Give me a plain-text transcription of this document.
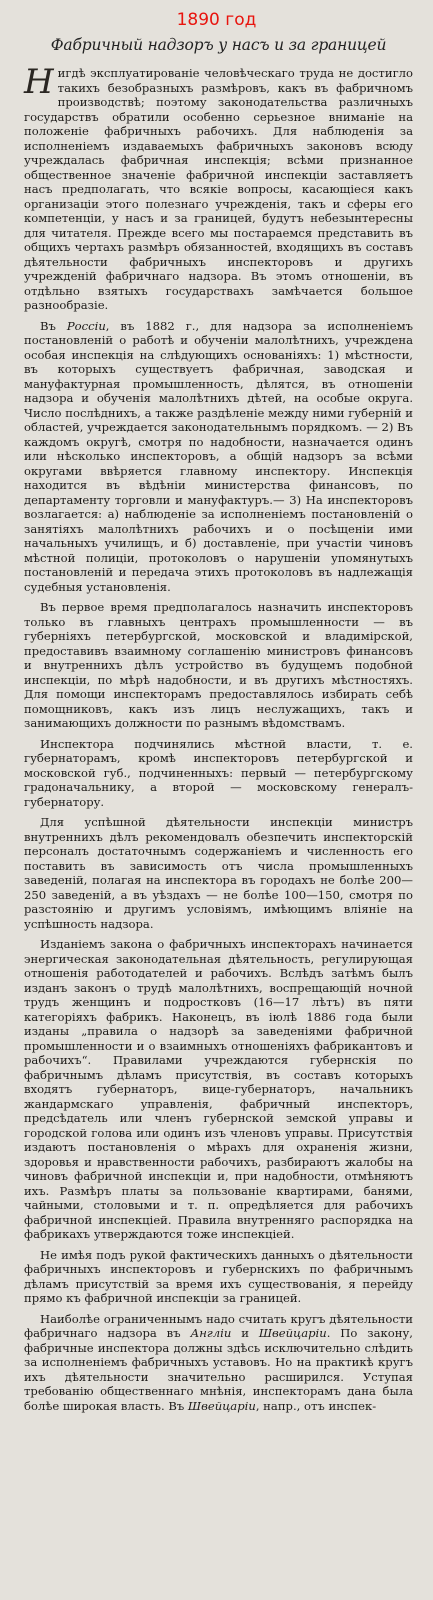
1890 год
Фабричный надзоръ у насъ и за границей

Нигдѣ эксплуатированіе человѣческаго труда не достигло такихъ безобразныхъ размѣровъ, какъ въ фабричномъ производствѣ; поэтому законодательства различныхъ государствъ обратили особенно серьезное вниманіе на положеніе фабричныхъ рабочихъ. Для наблюденія за исполненіемъ издаваемыхъ фабричныхъ законовъ всюду учреждалась фабричная инспекція; всѣми признанное общественное значеніе фабричной инспекціи заставляетъ насъ предполагать, что всякіе вопросы, касающіеся какъ организаціи этого полезнаго учрежденія, такъ и сферы его компетенціи, у насъ и за границей, будутъ небезынтересны для читателя. Прежде всего мы постараемся представить въ общихъ чертахъ размѣръ обязанностей, входящихъ въ составъ дѣятельности фабричныхъ инспекторовъ и другихъ учрежденій фабричнаго надзора. Въ этомъ отношеніи, въ отдѣльно взятыхъ государствахъ замѣчается большое разнообразіе.

Въ Россіи, въ 1882 г., для надзора за исполненіемъ постановленій о работѣ и обученіи малолѣтнихъ, учреждена особая инспекція на слѣдующихъ основаніяхъ: 1) мѣстности, въ которыхъ существуетъ фабричная, заводская и мануфактурная промышленность, дѣлятся, въ отношеніи надзора и обученія малолѣтнихъ дѣтей, на особые округа. Число послѣднихъ, а также раздѣленіе между ними губерній и областей, учреждается законодательнымъ порядкомъ. — 2) Въ каждомъ округѣ, смотря по надобности, назначается одинъ или нѣсколько инспекторовъ, а общій надзоръ за всѣми округами ввѣряется главному инспектору. Инспекція находится въ вѣдѣніи министерства финансовъ, по департаменту торговли и мануфактуръ.— 3) На инспекторовъ возлагается: а) наблюденіе за исполненіемъ постановленій о занятіяхъ малолѣтнихъ рабочихъ и о посѣщеніи ими начальныхъ училищъ, и б) доставленіе, при участіи чиновъ мѣстной полиціи, протоколовъ о нарушеніи упомянутыхъ постановленій и передача этихъ протоколовъ въ надлежащія судебныя установленія.

Въ первое время предполагалось назначить инспекторовъ только въ главныхъ центрахъ промышленности — въ губерніяхъ петербургской, московской и владимірской, предоставивъ взаимному соглашенію министровъ финансовъ и внутреннихъ дѣлъ устройство въ будущемъ подобной инспекціи, по мѣрѣ надобности, и въ другихъ мѣстностяхъ. Для помощи инспекторамъ предоставлялось избирать себѣ помощниковъ, какъ изъ лицъ неслужащихъ, такъ и занимающихъ должности по разнымъ вѣдомствамъ.

Инспектора подчинялись мѣстной власти, т. е. губернаторамъ, кромѣ инспекторовъ петербургской и московской губ., подчиненныхъ: первый — петербургскому градоначальнику, а второй — московскому генералъ-губернатору.

Для успѣшной дѣятельности инспекціи министръ внутреннихъ дѣлъ рекомендовалъ обезпечить инспекторскій персоналъ достаточнымъ содержаніемъ и численность его поставить въ зависимость отъ числа промышленныхъ заведеній, полагая на инспектора въ городахъ не болѣе 200—250 заведеній, а въ уѣздахъ — не болѣе 100—150, смотря по разстоянію и другимъ условіямъ, имѣющимъ вліяніе на успѣшность надзора.

Изданіемъ закона о фабричныхъ инспекторахъ начинается энергическая законодательная дѣятельность, регулирующая отношенія работодателей и рабочихъ. Вслѣдъ затѣмъ былъ изданъ законъ о трудѣ малолѣтнихъ, воспрещающій ночной трудъ женщинъ и подростковъ (16—17 лѣтъ) въ пяти категоріяхъ фабрикъ. Наконецъ, въ іюлѣ 1886 года были изданы „правила о надзорѣ за заведеніями фабричной промышленности и о взаимныхъ отношеніяхъ фабрикантовъ и рабочихъ“. Правилами учреждаются губернскія по фабричнымъ дѣламъ присутствія, въ составъ которыхъ входятъ губернаторъ, вице-губернаторъ, начальникъ жандармскаго управленія, фабричный инспекторъ, предсѣдатель или членъ губернской земской управы и городской голова или одинъ изъ членовъ управы. Присутствія издаютъ постановленія о мѣрахъ для охраненія жизни, здоровья и нравственности рабочихъ, разбираютъ жалобы на чиновъ фабричной инспекціи и, при надобности, отмѣняютъ ихъ. Размѣръ платы за пользованіе квартирами, банями, чайными, столовыми и т. п. опредѣляется для рабочихъ фабричной инспекціей. Правила внутренняго распорядка на фабрикахъ утверждаются тоже инспекціей.

Не имѣя подъ рукой фактическихъ данныхъ о дѣятельности фабричныхъ инспекторовъ и губернскихъ по фабричнымъ дѣламъ присутствій за время ихъ существованія, я перейду прямо къ фабричной инспекціи за границей.

Наиболѣе ограниченнымъ надо считать кругъ дѣятельности фабричнаго надзора въ Англіи и Швейцаріи. По закону, фабричные инспектора должны здѣсь исключительно слѣдить за исполненіемъ фабричныхъ уставовъ. Но на практикѣ кругъ ихъ дѣятельности значительно расширился. Уступая требованію общественнаго мнѣнія, инспекторамъ дана была болѣе широкая власть. Въ Швейцаріи, напр., отъ инспек-
